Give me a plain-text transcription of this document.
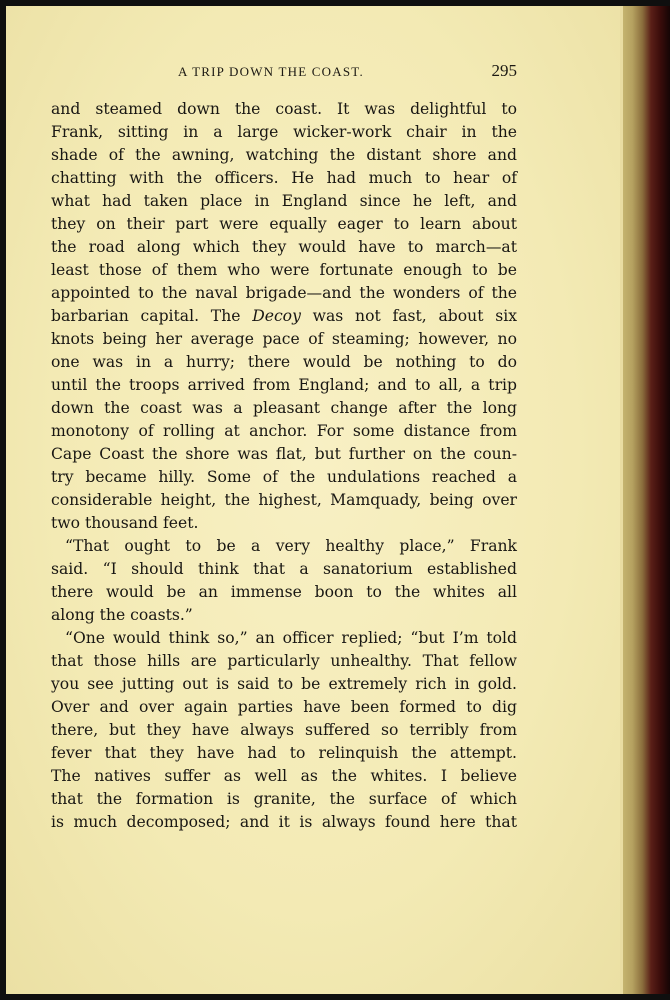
A TRIP DOWN THE COAST.	295
and steamed down the coast. It was delightful to
Frank, sitting in a large wicker-work chair in the
shade of the awning, watching the distant shore and
chatting with the officers. He had much to hear of
what had taken place in England since he left, and
they on their part were equally eager to learn about
the road along which they would have to march—at
least those of them who were fortunate enough to be
appointed to the naval brigade—and the wonders of the
barbarian capital. The Decoy was not fast, about six
knots being her average pace of steaming; however, no
one was in a hurry; there would be nothing to do
until the troops arrived from England; and to all, a trip
down the coast was a pleasant change after the long
monotony of rolling at anchor. For some distance from
Cape Coast the shore was flat, but further on the coun-
try became hilly. Some of the undulations reached a
considerable height, the highest, Mamquady, being over
two thousand feet.
“That ought to be a very healthy place,” Frank
said. “I should think that a sanatorium established
there would be an immense boon to the whites all
along the coasts.”
“One would think so,” an officer replied; “but I’m told
that those hills are particularly unhealthy. That fellow
you see jutting out is said to be extremely rich in gold.
Over and over again parties have been formed to dig
there, but they have always suffered so terribly from
fever that they have had to relinquish the attempt.
The natives suffer as well as the whites. I believe
that the formation is granite, the surface of which
is much decomposed; and it is always found here that
